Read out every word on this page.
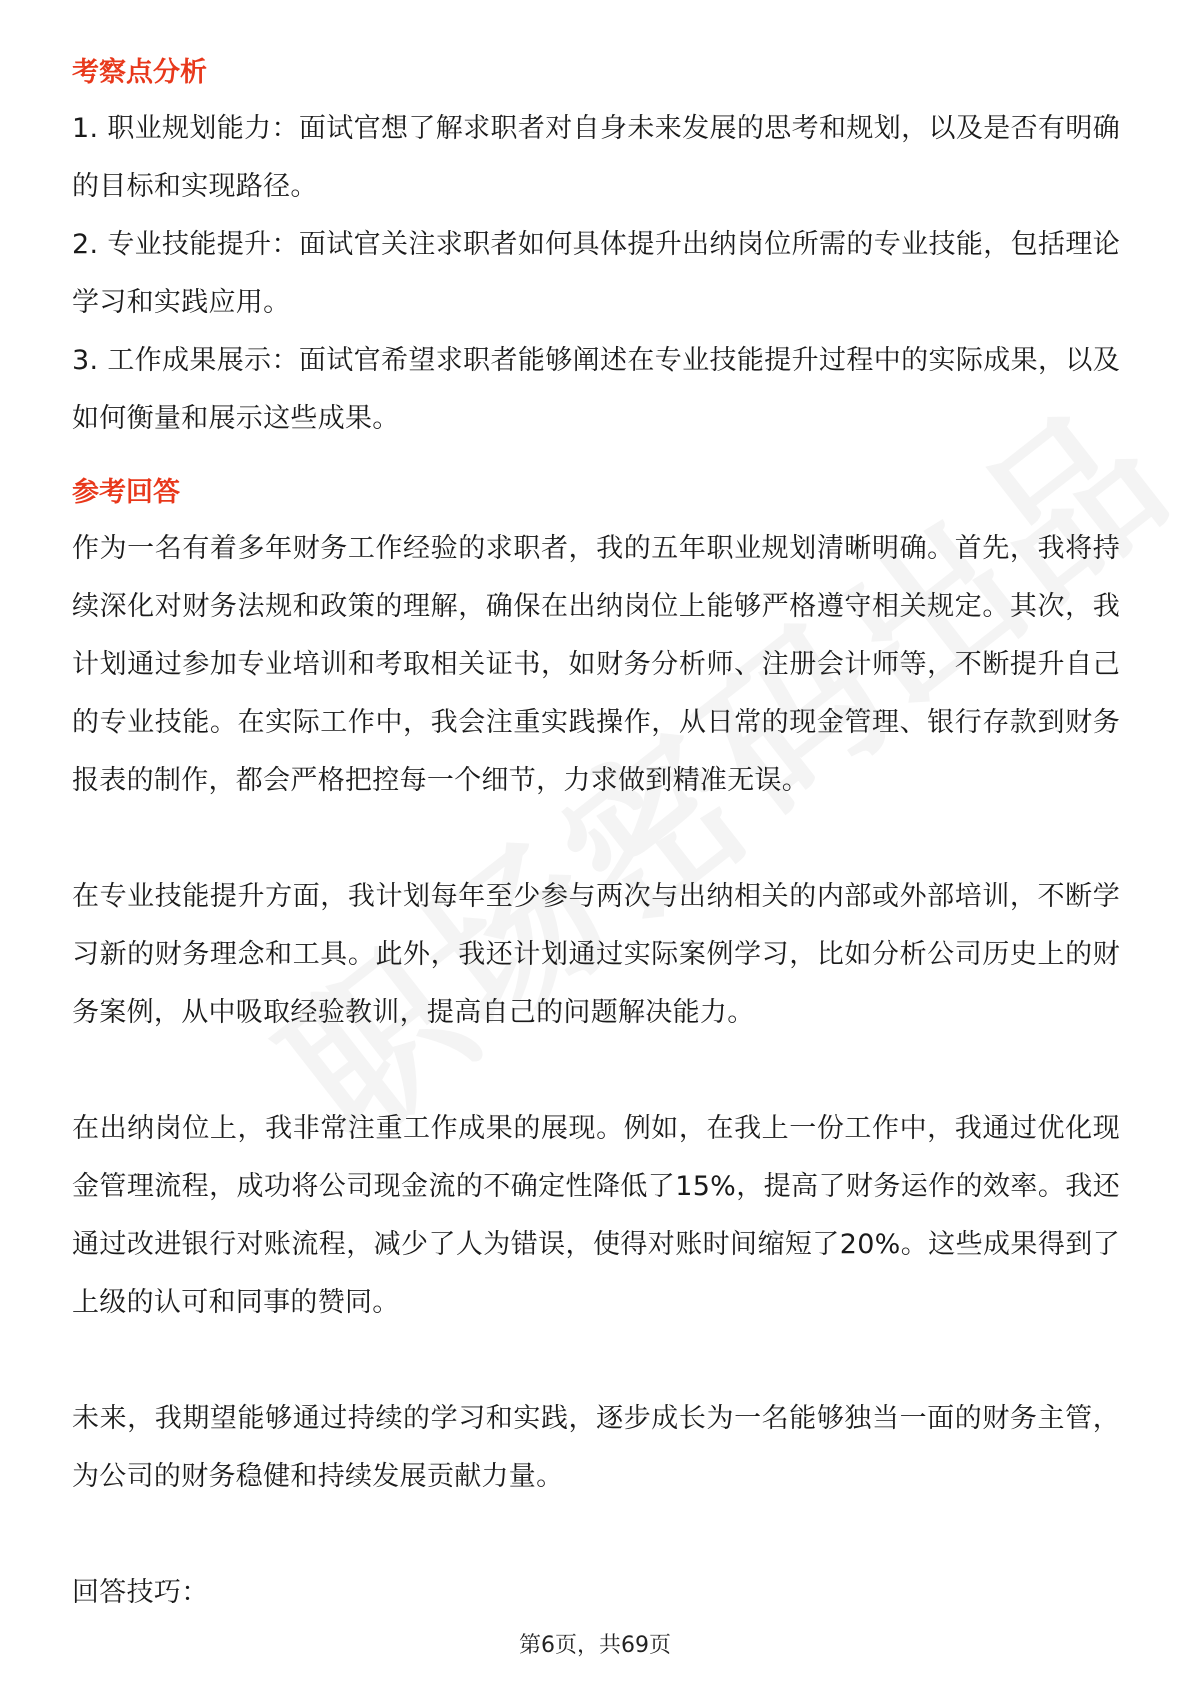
考察点分析

1. 职业规划能力：面试官想了解求职者对自身未来发展的思考和规划，以及是否有明确的目标和实现路径。

2. 专业技能提升：面试官关注求职者如何具体提升出纳岗位所需的专业技能，包括理论学习和实践应用。

3. 工作成果展示：面试官希望求职者能够阐述在专业技能提升过程中的实际成果，以及如何衡量和展示这些成果。

参考回答

作为一名有着多年财务工作经验的求职者，我的五年职业规划清晰明确。首先，我将持续深化对财务法规和政策的理解，确保在出纳岗位上能够严格遵守相关规定。其次，我计划通过参加专业培训和考取相关证书，如财务分析师、注册会计师等，不断提升自己的专业技能。在实际工作中，我会注重实践操作，从日常的现金管理、银行存款到财务报表的制作，都会严格把控每一个细节，力求做到精准无误。

在专业技能提升方面，我计划每年至少参与两次与出纳相关的内部或外部培训，不断学习新的财务理念和工具。此外，我还计划通过实际案例学习，比如分析公司历史上的财务案例，从中吸取经验教训，提高自己的问题解决能力。

在出纳岗位上，我非常注重工作成果的展现。例如，在我上一份工作中，我通过优化现金管理流程，成功将公司现金流的不确定性降低了15%，提高了财务运作的效率。我还通过改进银行对账流程，减少了人为错误，使得对账时间缩短了20%。这些成果得到了上级的认可和同事的赞同。

未来，我期望能够通过持续的学习和实践，逐步成长为一名能够独当一面的财务主管，为公司的财务稳健和持续发展贡献力量。

回答技巧：

第6页，共69页
